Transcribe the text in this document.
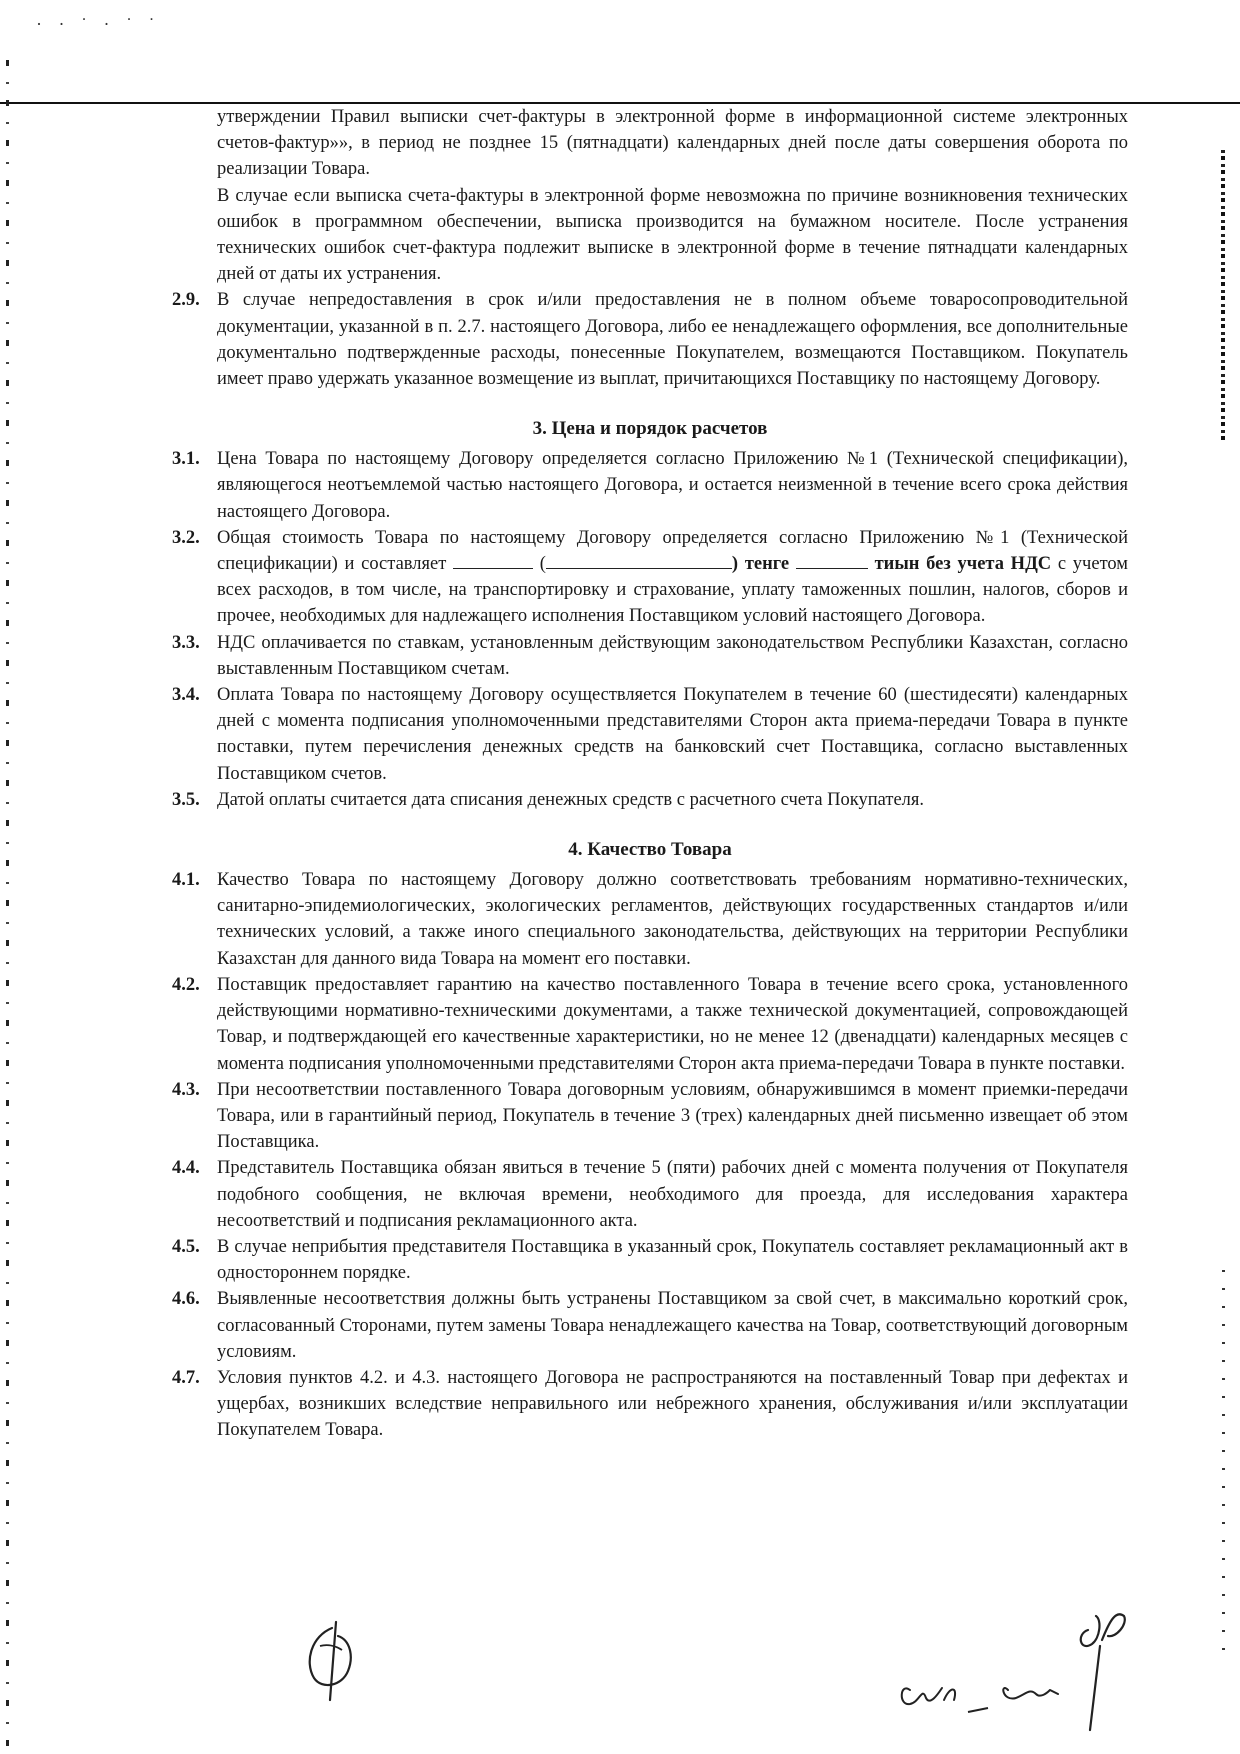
· · ˙ · ˙ ˙
утверждении Правил выписки счет-фактуры в электронной форме в информационной системе электронных счетов-фактур»», в период не позднее 15 (пятнадцати) календарных дней после даты совершения оборота по реализации Товара.
В случае если выписка счета-фактуры в электронной форме невозможна по причине возникновения технических ошибок в программном обеспечении, выписка производится на бумажном носителе. После устранения технических ошибок счет-фактура подлежит выписке в электронной форме в течение пятнадцати календарных дней от даты их устранения.
2.9. В случае непредоставления в срок и/или предоставления не в полном объеме товаросопроводительной документации, указанной в п. 2.7. настоящего Договора, либо ее ненадлежащего оформления, все дополнительные документально подтвержденные расходы, понесенные Покупателем, возмещаются Поставщиком. Покупатель имеет право удержать указанное возмещение из выплат, причитающихся Поставщику по настоящему Договору.
3. Цена и порядок расчетов
3.1. Цена Товара по настоящему Договору определяется согласно Приложению №1 (Технической спецификации), являющегося неотъемлемой частью настоящего Договора, и остается неизменной в течение всего срока действия настоящего Договора.
3.2. Общая стоимость Товара по настоящему Договору определяется согласно Приложению №1 (Технической спецификации) и составляет	(	) тенге	тиын без учета НДС с учетом всех расходов, в том числе, на транспортировку и страхование, уплату таможенных пошлин, налогов, сборов и прочее, необходимых для надлежащего исполнения Поставщиком условий настоящего Договора.
3.3. НДС оплачивается по ставкам, установленным действующим законодательством Республики Казахстан, согласно выставленным Поставщиком счетам.
3.4. Оплата Товара по настоящему Договору осуществляется Покупателем в течение 60 (шестидесяти) календарных дней с момента подписания уполномоченными представителями Сторон акта приема-передачи Товара в пункте поставки, путем перечисления денежных средств на банковский счет Поставщика, согласно выставленных Поставщиком счетов.
3.5. Датой оплаты считается дата списания денежных средств с расчетного счета Покупателя.
4. Качество Товара
4.1. Качество Товара по настоящему Договору должно соответствовать требованиям нормативно-технических, санитарно-эпидемиологических, экологических регламентов, действующих государственных стандартов и/или технических условий, а также иного специального законодательства, действующих на территории Республики Казахстан для данного вида Товара на момент его поставки.
4.2. Поставщик предоставляет гарантию на качество поставленного Товара в течение всего срока, установленного действующими нормативно-техническими документами, а также технической документацией, сопровождающей Товар, и подтверждающей его качественные характеристики, но не менее 12 (двенадцати) календарных месяцев с момента подписания уполномоченными представителями Сторон акта приема-передачи Товара в пункте поставки.
4.3. При несоответствии поставленного Товара договорным условиям, обнаружившимся в момент приемки-передачи Товара, или в гарантийный период, Покупатель в течение 3 (трех) календарных дней письменно извещает об этом Поставщика.
4.4. Представитель Поставщика обязан явиться в течение 5 (пяти) рабочих дней с момента получения от Покупателя подобного сообщения, не включая времени, необходимого для проезда, для исследования характера несоответствий и подписания рекламационного акта.
4.5. В случае неприбытия представителя Поставщика в указанный срок, Покупатель составляет рекламационный акт в одностороннем порядке.
4.6. Выявленные несоответствия должны быть устранены Поставщиком за свой счет, в максимально короткий срок, согласованный Сторонами, путем замены Товара ненадлежащего качества на Товар, соответствующий договорным условиям.
4.7. Условия пунктов 4.2. и 4.3. настоящего Договора не распространяются на поставленный Товар при дефектах и ущербах, возникших вследствие неправильного или небрежного хранения, обслуживания и/или эксплуатации Покупателем Товара.
